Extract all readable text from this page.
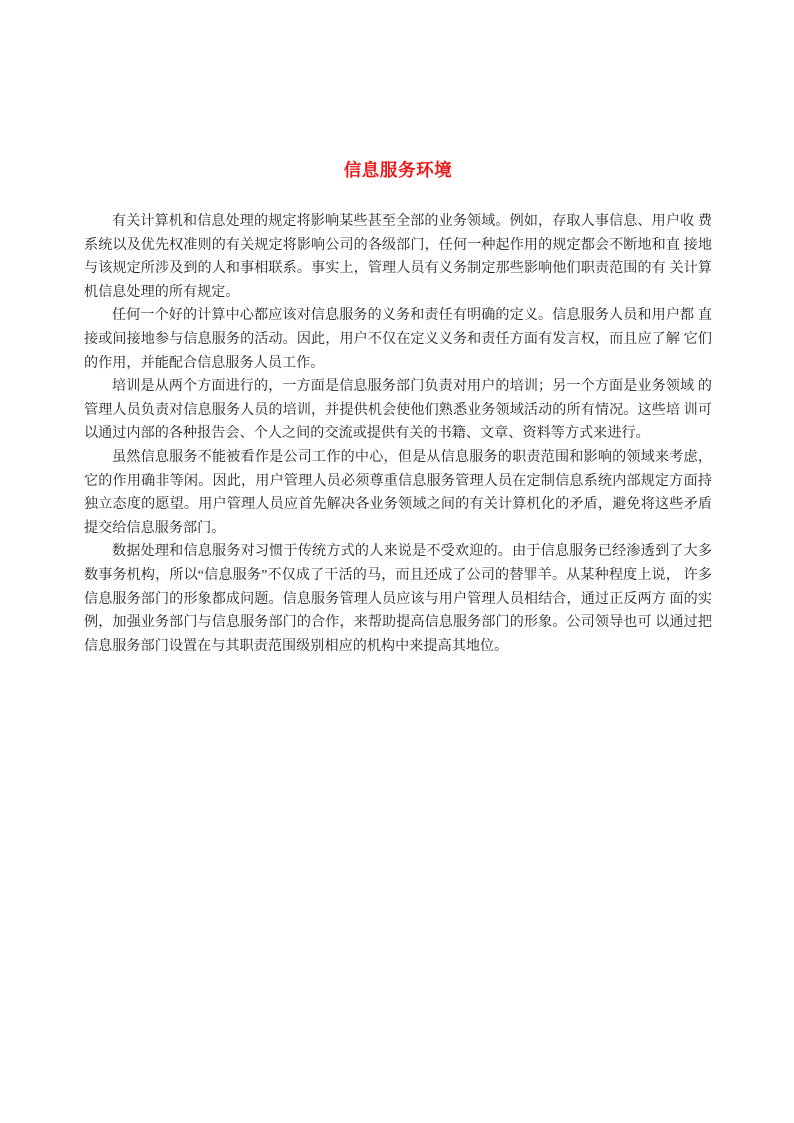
信息服务环境

有关计算机和信息处理的规定将影响某些甚至全部的业务领域。例如，存取人事信息、用户收 费系统以及优先权准则的有关规定将影响公司的各级部门，任何一种起作用的规定都会不断地和直 接地与该规定所涉及到的人和事相联系。事实上，管理人员有义务制定那些影响他们职责范围的有 关计算机信息处理的所有规定。

任何一个好的计算中心都应该对信息服务的义务和责任有明确的定义。信息服务人员和用户都 直接或间接地参与信息服务的活动。因此，用户不仅在定义义务和责任方面有发言权，而且应了解 它们的作用，并能配合信息服务人员工作。

培训是从两个方面进行的，一方面是信息服务部门负责对用户的培训；另一个方面是业务领域 的管理人员负责对信息服务人员的培训，并提供机会使他们熟悉业务领域活动的所有情况。这些培 训可以通过内部的各种报告会、个人之间的交流或提供有关的书籍、文章、资料等方式来进行。

虽然信息服务不能被看作是公司工作的中心，但是从信息服务的职责范围和影响的领域来考虑，它的作用确非等闲。因此，用户管理人员必须尊重信息服务管理人员在定制信息系统内部规定方面持独立态度的愿望。用户管理人员应首先解决各业务领域之间的有关计算机化的矛盾，避免将这些矛盾提交给信息服务部门。

数据处理和信息服务对习惯于传统方式的人来说是不受欢迎的。由于信息服务已经渗透到了大多数事务机构，所以“信息服务”不仅成了干活的马，而且还成了公司的替罪羊。从某种程度上说， 许多信息服务部门的形象都成问题。信息服务管理人员应该与用户管理人员相结合，通过正反两方 面的实例，加强业务部门与信息服务部门的合作，来帮助提高信息服务部门的形象。公司领导也可 以通过把信息服务部门设置在与其职责范围级别相应的机构中来提高其地位。
